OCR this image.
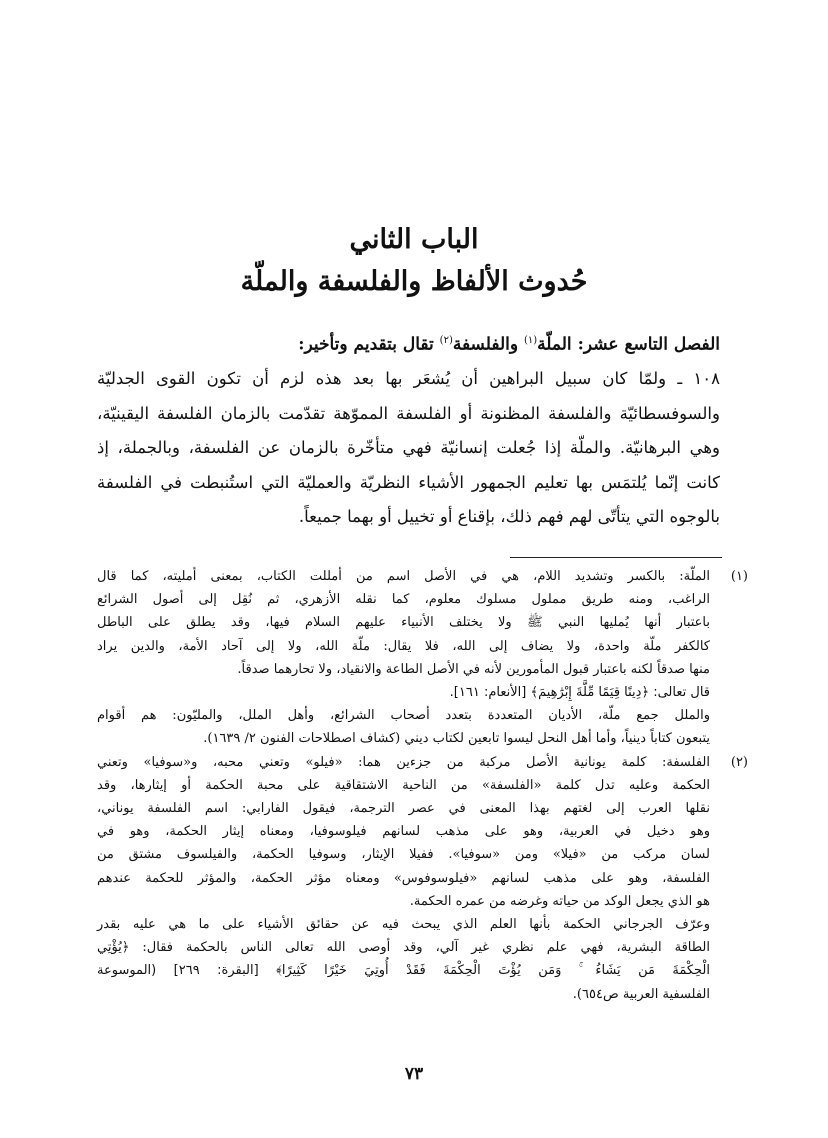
الباب الثاني
حُدوث الألفاظ والفلسفة والملّة
الفصل التاسع عشر: الملّة$^{(١)}$ والفلسفة$^{(٢)}$ تقال بتقديم وتأخير:
١٠٨ ـ ولمّا كان سبيل البراهين أن يُشعَر بها بعد هذه لزم أن تكون القوى الجدليّة
والسوفسطائيّة والفلسفة المظنونة أو الفلسفة المموّهة تقدّمت بالزمان الفلسفة اليقينيّة،
وهي البرهانيّة. والملّة إذا جُعلت إنسانيّة فهي متأخّرة بالزمان عن الفلسفة، وبالجملة، إذ
كانت إنّما يُلتمَس بها تعليم الجمهور الأشياء النظريّة والعمليّة التي استُنبطت في الفلسفة
بالوجوه التي يتأتّى لهم فهم ذلك، بإقناع أو تخييل أو بهما جميعاً.
(١)
الملّة: بالكسر وتشديد اللام، هي في الأصل اسم من أمللت الكتاب، بمعنى أمليته، كما قال
الراغب، ومنه طريق مملول مسلوك معلوم، كما نقله الأزهري، ثم نُقِل إلى أصول الشرائع
باعتبار أنها يُمليها النبي ﷺ ولا يختلف الأنبياء عليهم السلام فيها، وقد يطلق على الباطل
كالكفر ملّة واحدة، ولا يضاف إلى الله، فلا يقال: ملّة الله، ولا إلى آحاد الأمة، والدين يراد
منها صدقاً لكنه باعتبار قبول المأمورين لأنه في الأصل الطاعة والانقياد، ولا تحارهما صدقاً.
قال تعالى: ﴿دِينًا قِيَمًا مِّلَّةَ إِبْرَٰهِيمَ﴾ [الأنعام: ١٦١].
والملل جمع ملّة، الأديان المتعددة بتعدد أصحاب الشرائع، وأهل الملل، والمليّون: هم أقوام
يتبعون كتاباً دينياً، وأما أهل النحل ليسوا تابعين لكتاب ديني (كشاف اصطلاحات الفنون ٢/ ١٦٣٩).
(٢)
الفلسفة: كلمة يونانية الأصل مركبة من جزءين هما: «فيلو» وتعني محبه، و«سوفيا» وتعني
الحكمة وعليه تدل كلمة «الفلسفة» من الناحية الاشتقاقية على محبة الحكمة أو إيثارها، وقد
نقلها العرب إلى لغتهم بهذا المعنى في عصر الترجمة، فيقول الفارابي: اسم الفلسفة يوناني،
وهو دخيل في العربية، وهو على مذهب لسانهم فيلوسوفيا، ومعناه إيثار الحكمة، وهو في
لسان مركب من «فيلا» ومن «سوفيا». ففيلا الإيثار، وسوفيا الحكمة، والفيلسوف مشتق من
الفلسفة، وهو على مذهب لسانهم «فيلوسوفوس» ومعناه مؤثر الحكمة، والمؤثر للحكمة عندهم
هو الذي يجعل الوكد من حياته وغرضه من عمره الحكمة.
وعرّف الجرجاني الحكمة بأنها العلم الذي يبحث فيه عن حقائق الأشياء على ما هي عليه بقدر
الطاقة البشرية، فهي علم نظري غير آلي، وقد أوصى الله تعالى الناس بالحكمة فقال: ﴿يُؤْتِي
الْحِكْمَةَ مَن يَشَاءُ ۚ وَمَن يُؤْتَ الْحِكْمَةَ فَقَدْ أُوتِيَ خَيْرًا كَثِيرًا﴾ [البقرة: ٢٦٩] (الموسوعة
الفلسفية العربية ص٦٥٤).
٧٣
